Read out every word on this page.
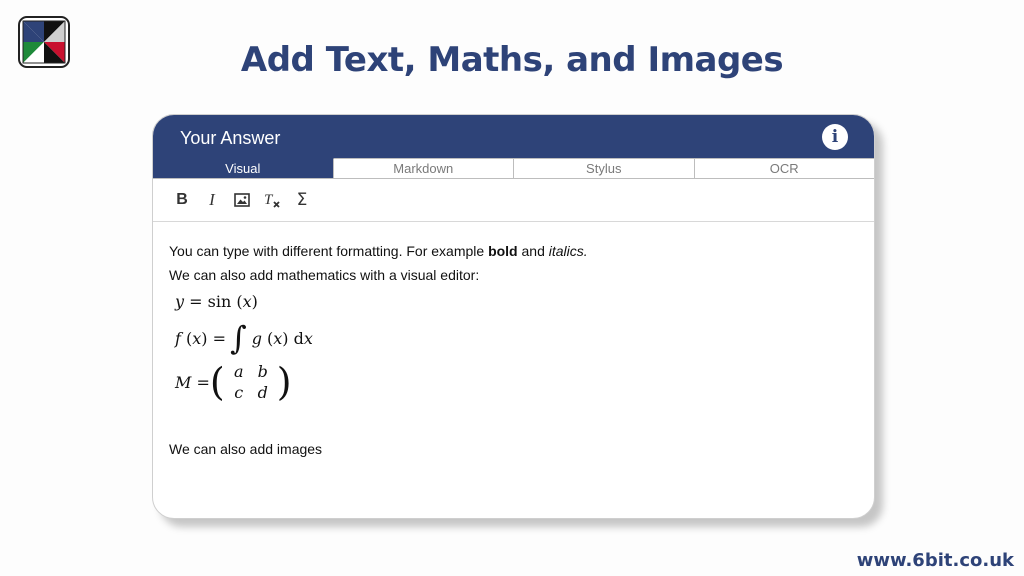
Add Text, Maths, and Images
Your Answer	i
Visual	Markdown	Stylus	OCR
B	I	T	Σ
You can type with different formatting. For example bold and italics.
We can also add mathematics with a visual editor:
y = sin (x)
f ( x ) = ∫ g ( x ) d x
M
= ( a b
c d )
We can also add images
www.6bit.co.uk
